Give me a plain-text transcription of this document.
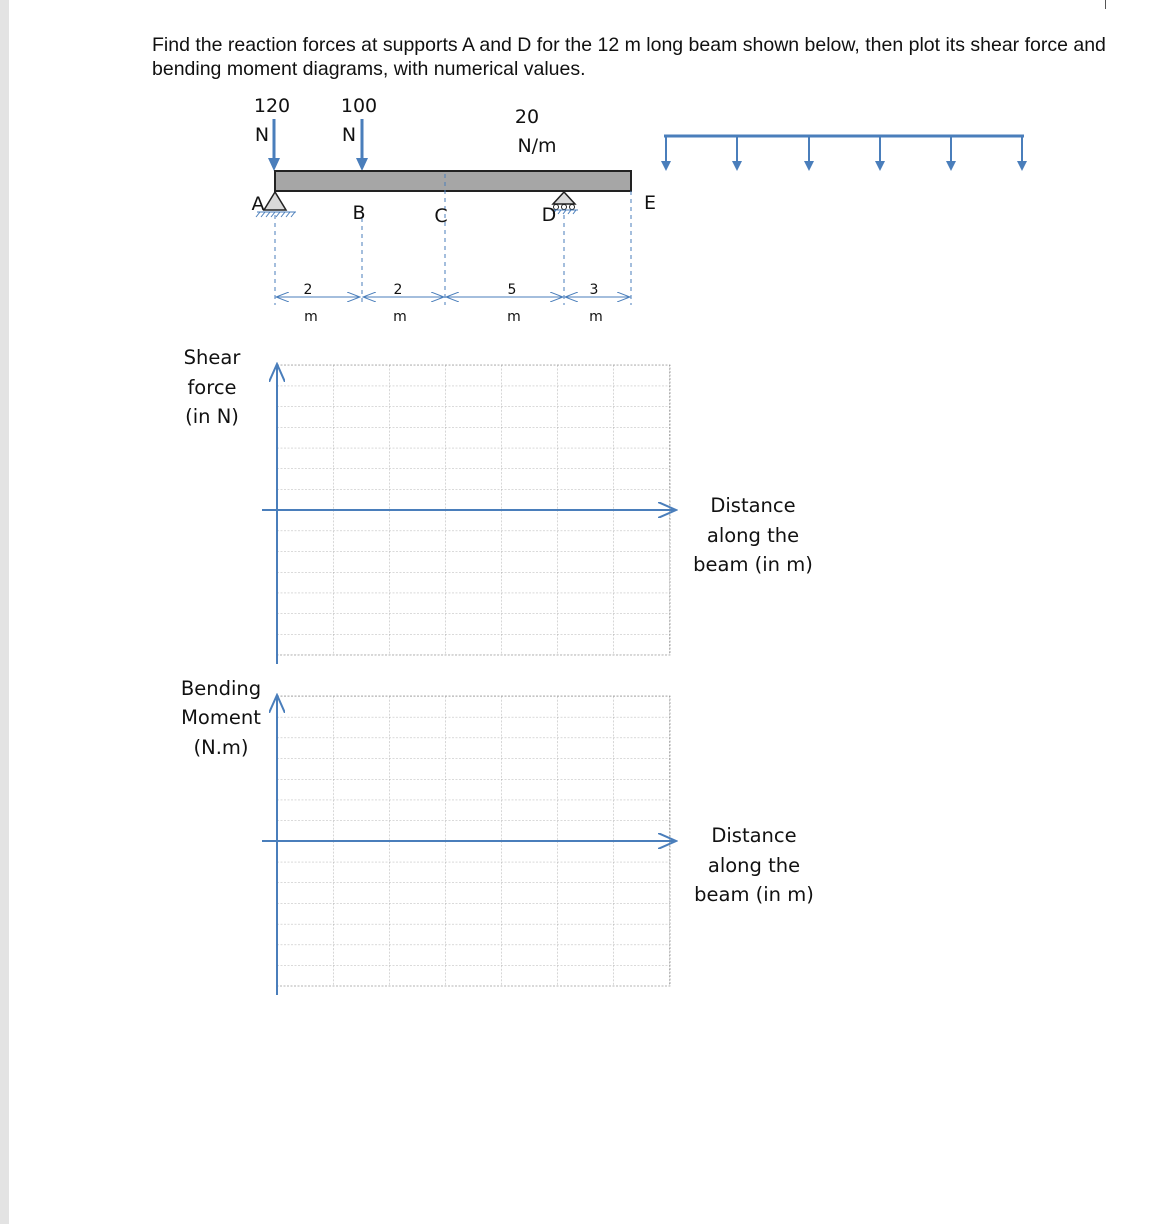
Find the reaction forces at supports A and D for the 12 m long beam shown below, then plot its shear force and bending moment diagrams, with numerical values.
120
N
100
N
20
N/m
A	B	C	D
E
2
m
2
m
5
m
3
m
Shear
force
(in N)
Distance
along the
beam (in m)
Bending
Moment
(N.m)
Distance
along the
beam (in m)
